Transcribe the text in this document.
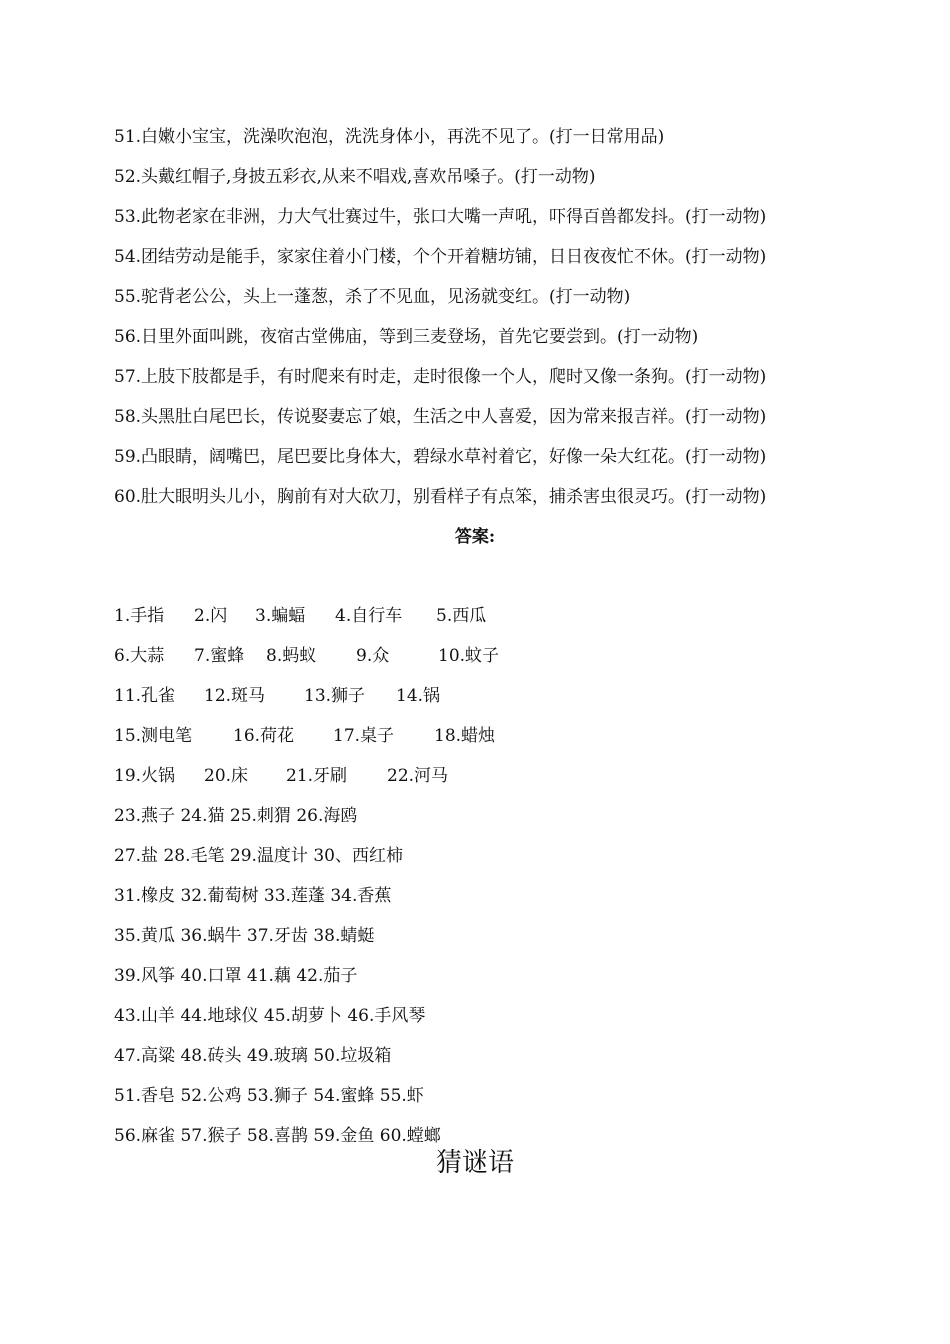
51.白嫩小宝宝，洗澡吹泡泡，洗洗身体小，再洗不见了。(打一日常用品)
52.头戴红帽子,身披五彩衣,从来不唱戏,喜欢吊嗓子。(打一动物)
53.此物老家在非洲，力大气壮赛过牛，张口大嘴一声吼，吓得百兽都发抖。(打一动物)
54.团结劳动是能手，家家住着小门楼，个个开着糖坊铺，日日夜夜忙不休。(打一动物)
55.驼背老公公，头上一蓬葱，杀了不见血，见汤就变红。(打一动物)
56.日里外面叫跳，夜宿古堂佛庙，等到三麦登场，首先它要尝到。(打一动物)
57.上肢下肢都是手，有时爬来有时走，走时很像一个人，爬时又像一条狗。(打一动物)
58.头黑肚白尾巴长，传说娶妻忘了娘，生活之中人喜爱，因为常来报吉祥。(打一动物)
59.凸眼睛，阔嘴巴，尾巴要比身体大，碧绿水草衬着它，好像一朵大红花。(打一动物)
60.肚大眼明头儿小，胸前有对大砍刀，别看样子有点笨，捕杀害虫很灵巧。(打一动物)
答案:
1.手指 2.闪 3.蝙蝠 4.自行车 5.西瓜
6.大蒜 7.蜜蜂 8.蚂蚁 9.众	10.蚊子
11.孔雀 12.斑马 13.狮子 14.锅
15.测电笔 16.荷花 17.桌子 18.蜡烛
19.火锅 20.床 21.牙刷 22.河马
23.燕子 24.猫 25.刺猬 26.海鸥
27.盐 28.毛笔 29.温度计 30、西红柿
31.橡皮 32.葡萄树 33.莲蓬 34.香蕉
35.黄瓜 36.蜗牛 37.牙齿 38.蜻蜓
39.风筝 40.口罩 41.藕 42.茄子
43.山羊 44.地球仪 45.胡萝卜 46.手风琴
47.高粱 48.砖头 49.玻璃 50.垃圾箱
51.香皂 52.公鸡 53.狮子 54.蜜蜂 55.虾
56.麻雀 57.猴子 58.喜鹊 59.金鱼 60.螳螂
猜谜语
